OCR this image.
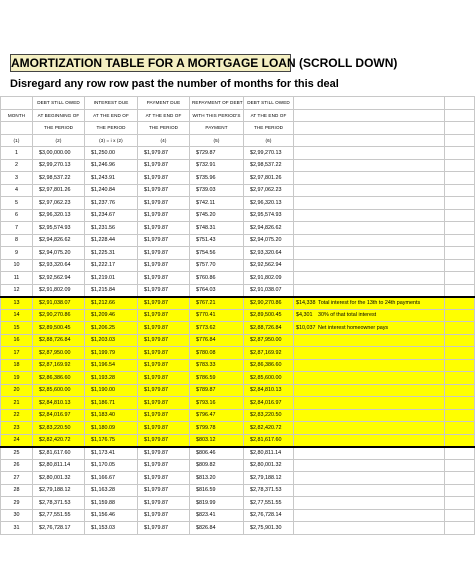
AMORTIZATION TABLE FOR A MORTGAGE LOAN (SCROLL DOWN)
Disregard any row row past the number of months for this deal
	DEBT STILL OWED	INTEREST DUE	PAYMENT DUE	REPAYMENT OF DEBT	DEBT STILL OWED		
MONTH	AT BEGINNING OF	AT THE END OF	AT THE END OF	WITH THIS PERIOD'S	AT THE END OF		
	THE PERIOD	THE PERIOD	THE PERIOD	PAYMENT	THE PERIOD		
(1)	(2)	(3) = i x (2)	(4)	(5)	(6)		
1	$3,00,000.00	$1,250.00	$1,979.87	$729.87	$2,99,270.13		
2	$2,99,270.13	$1,246.96	$1,979.87	$732.91	$2,98,537.22		
3	$2,98,537.22	$1,243.91	$1,979.87	$735.96	$2,97,801.26		
4	$2,97,801.26	$1,240.84	$1,979.87	$739.03	$2,97,062.23		
5	$2,97,062.23	$1,237.76	$1,979.87	$742.11	$2,96,320.13		
6	$2,96,320.13	$1,234.67	$1,979.87	$745.20	$2,95,574.93		
7	$2,95,574.93	$1,231.56	$1,979.87	$748.31	$2,94,826.62		
8	$2,94,826.62	$1,228.44	$1,979.87	$751.43	$2,94,075.20		
9	$2,94,075.20	$1,225.31	$1,979.87	$754.56	$2,93,320.64		
10	$2,93,320.64	$1,222.17	$1,979.87	$757.70	$2,92,562.94		
11	$2,92,562.94	$1,219.01	$1,979.87	$760.86	$2,91,802.09		
12	$2,91,802.09	$1,215.84	$1,979.87	$764.03	$2,91,038.07		
13	$2,91,038.07	$1,212.66	$1,979.87	$767.21	$2,90,270.86	$14,338 Total interest for the 13th to 24th payments	
14	$2,90,270.86	$1,209.46	$1,979.87	$770.41	$2,89,500.45	$4,301 30% of that total interest	
15	$2,89,500.45	$1,206.25	$1,979.87	$773.62	$2,88,726.84	$10,037 Net interest homeowner pays	
16	$2,88,726.84	$1,203.03	$1,979.87	$776.84	$2,87,950.00		
17	$2,87,950.00	$1,199.79	$1,979.87	$780.08	$2,87,169.92		
18	$2,87,169.92	$1,196.54	$1,979.87	$783.33	$2,86,386.60		
19	$2,86,386.60	$1,193.28	$1,979.87	$786.59	$2,85,600.00		
20	$2,85,600.00	$1,190.00	$1,979.87	$789.87	$2,84,810.13		
21	$2,84,810.13	$1,186.71	$1,979.87	$793.16	$2,84,016.97		
22	$2,84,016.97	$1,183.40	$1,979.87	$796.47	$2,83,220.50		
23	$2,83,220.50	$1,180.09	$1,979.87	$799.78	$2,82,420.72		
24	$2,82,420.72	$1,176.75	$1,979.87	$803.12	$2,81,617.60		
25	$2,81,617.60	$1,173.41	$1,979.87	$806.46	$2,80,811.14		
26	$2,80,811.14	$1,170.05	$1,979.87	$809.82	$2,80,001.32		
27	$2,80,001.32	$1,166.67	$1,979.87	$813.20	$2,79,188.12		
28	$2,79,188.12	$1,163.28	$1,979.87	$816.59	$2,78,371.53		
29	$2,78,371.53	$1,159.88	$1,979.87	$819.99	$2,77,551.55		
30	$2,77,551.55	$1,156.46	$1,979.87	$823.41	$2,76,728.14		
31	$2,76,728.17	$1,153.03	$1,979.87	$826.84	$2,75,901.30		
